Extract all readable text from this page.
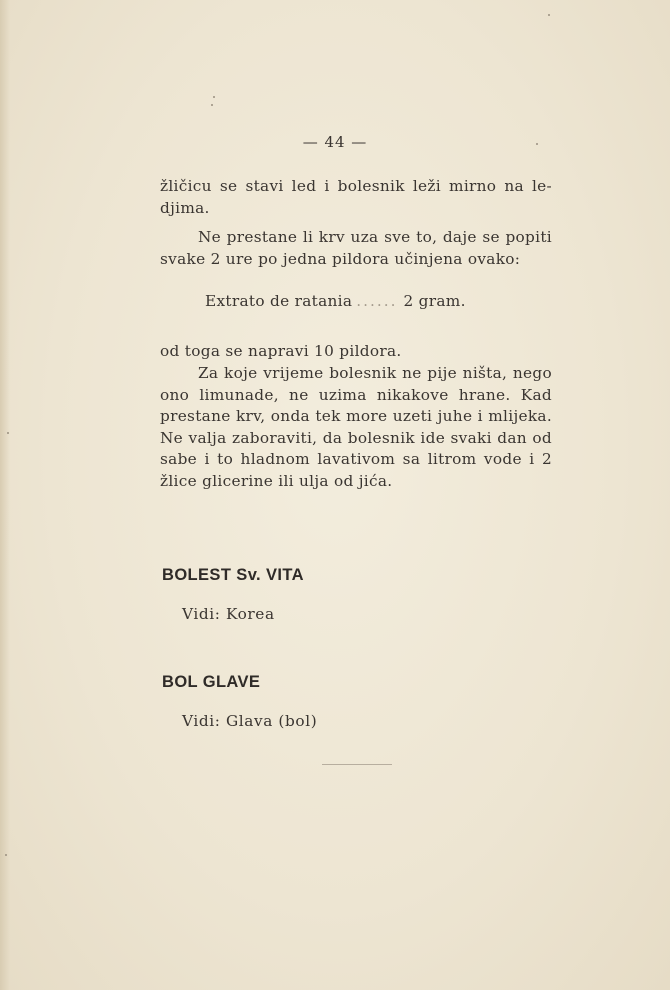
— 44 —
žličicu se stavi led i bolesnik leži mirno na le-djima.
Ne prestane li krv uza sve to, daje se popiti svake 2 ure po jedna pildora učinjena ovako:
Extrato de ratania ...... 2 gram.
od toga se napravi 10 pildora.
Za koje vrijeme bolesnik ne pije ništa, nego ono limunade, ne uzima nikakove hrane. Kad prestane krv, onda tek more uzeti juhe i mlijeka. Ne valja zaboraviti, da bolesnik ide svaki dan od sabe i to hladnom lavativom sa litrom vode i 2 žlice glicerine ili ulja od jića.
BOLEST Sv. VITA
Vidi: Korea
BOL GLAVE
Vidi: Glava (bol)
